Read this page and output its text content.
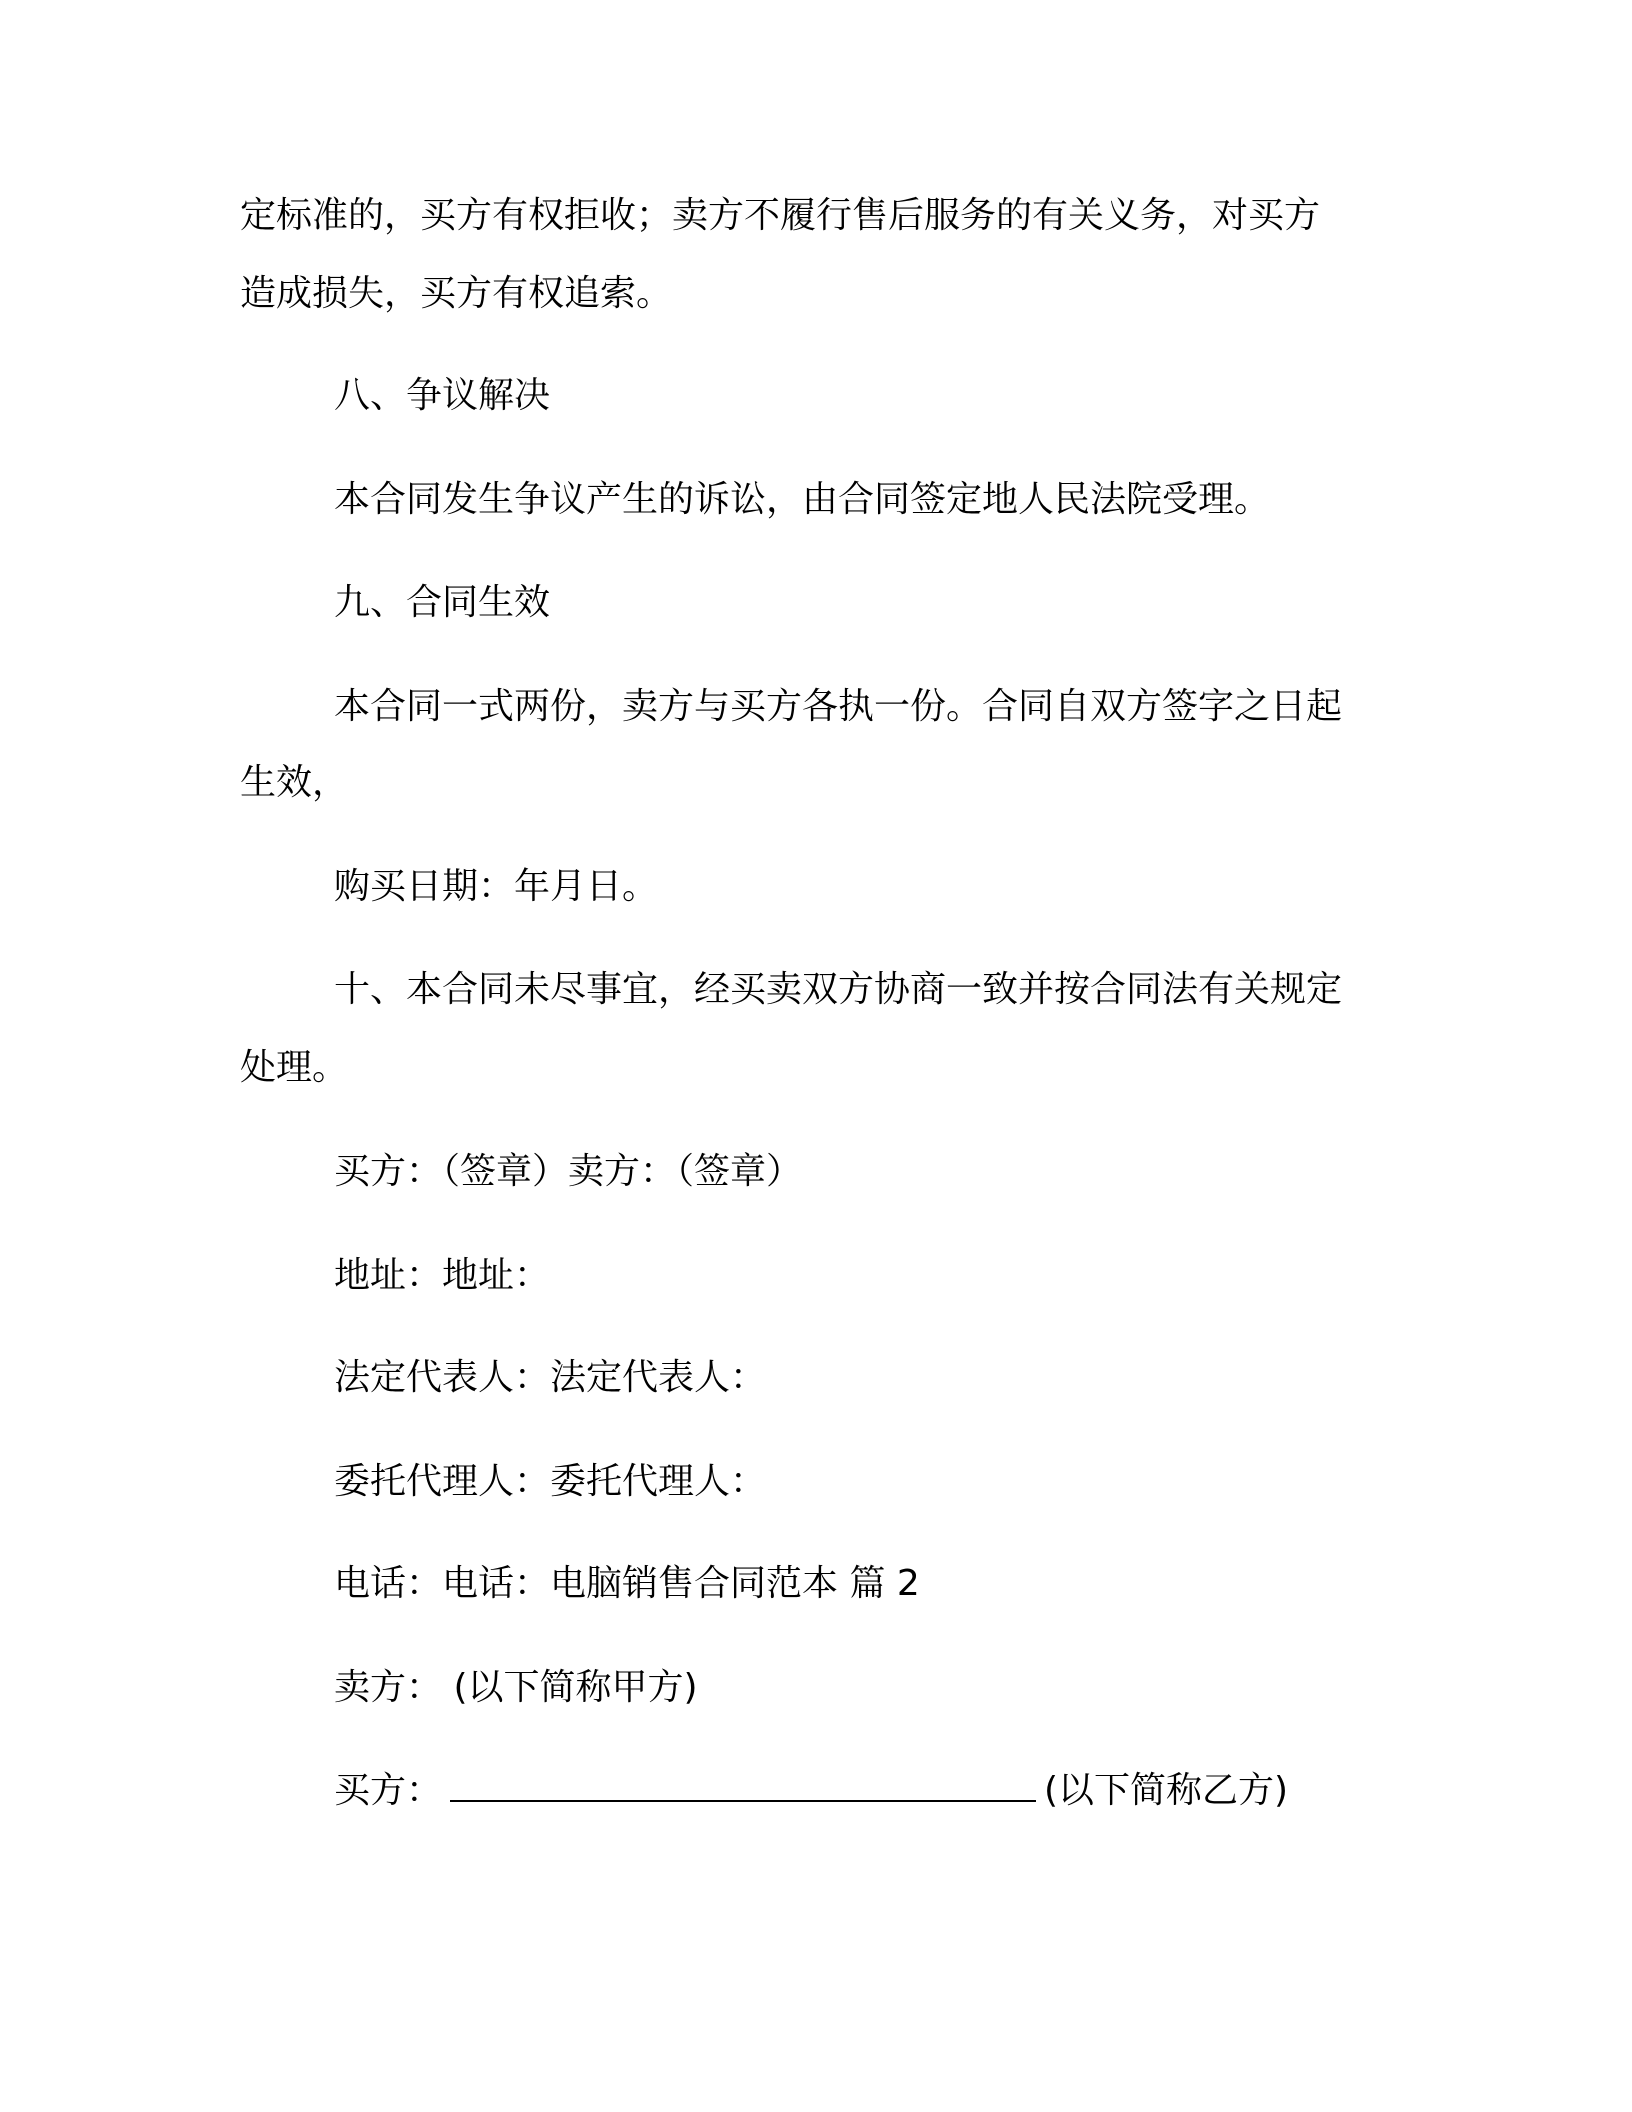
定标准的，买方有权拒收；卖方不履行售后服务的有关义务，对买方
造成损失，买方有权追索。
八、争议解决
本合同发生争议产生的诉讼，由合同签定地人民法院受理。
九、合同生效
本合同一式两份，卖方与买方各执一份。合同自双方签字之日起
生效，
购买日期：年月日。
十、本合同未尽事宜，经买卖双方协商一致并按合同法有关规定
处理。
买方：（签章）卖方：（签章）
地址：地址：
法定代表人：法定代表人：
委托代理人：委托代理人：
电话：电话：电脑销售合同范本 篇 2
卖方： (以下简称甲方)
买方：	(以下简称乙方)
